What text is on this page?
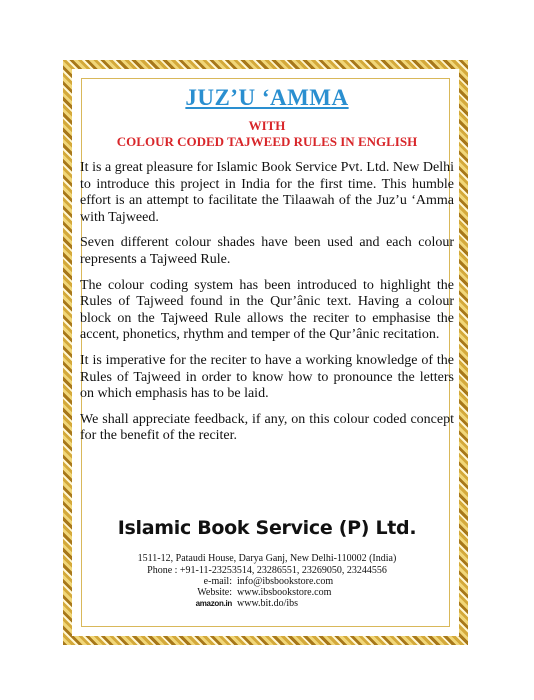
JUZ’U ‘AMMA
WITH
COLOUR CODED TAJWEED RULES IN ENGLISH

It is a great pleasure for Islamic Book Service Pvt. Ltd. New Delhi to introduce this project in India for the first time. This humble effort is an attempt to facilitate the Tilaawah of the Juz’u ‘Amma with Tajweed.

Seven different colour shades have been used and each colour represents a Tajweed Rule.

The colour coding system has been introduced to highlight the Rules of Tajweed found in the Qur’ânic text. Having a colour block on the Tajweed Rule allows the reciter to emphasise the accent, phonetics, rhythm and temper of the Qur’ânic recitation.

It is imperative for the reciter to have a working knowledge of the Rules of Tajweed in order to know how to pronounce the letters on which emphasis has to be laid.

We shall appreciate feedback, if any, on this colour coded concept for the benefit of the reciter.

Islamic Book Service (P) Ltd.
1511-12, Pataudi House, Darya Ganj, New Delhi-110002 (India)
Phone : +91-11-23253514, 23286551, 23269050, 23244556
e-mail: info@ibsbookstore.com
Website: www.ibsbookstore.com
amazon.in www.bit.do/ibs
